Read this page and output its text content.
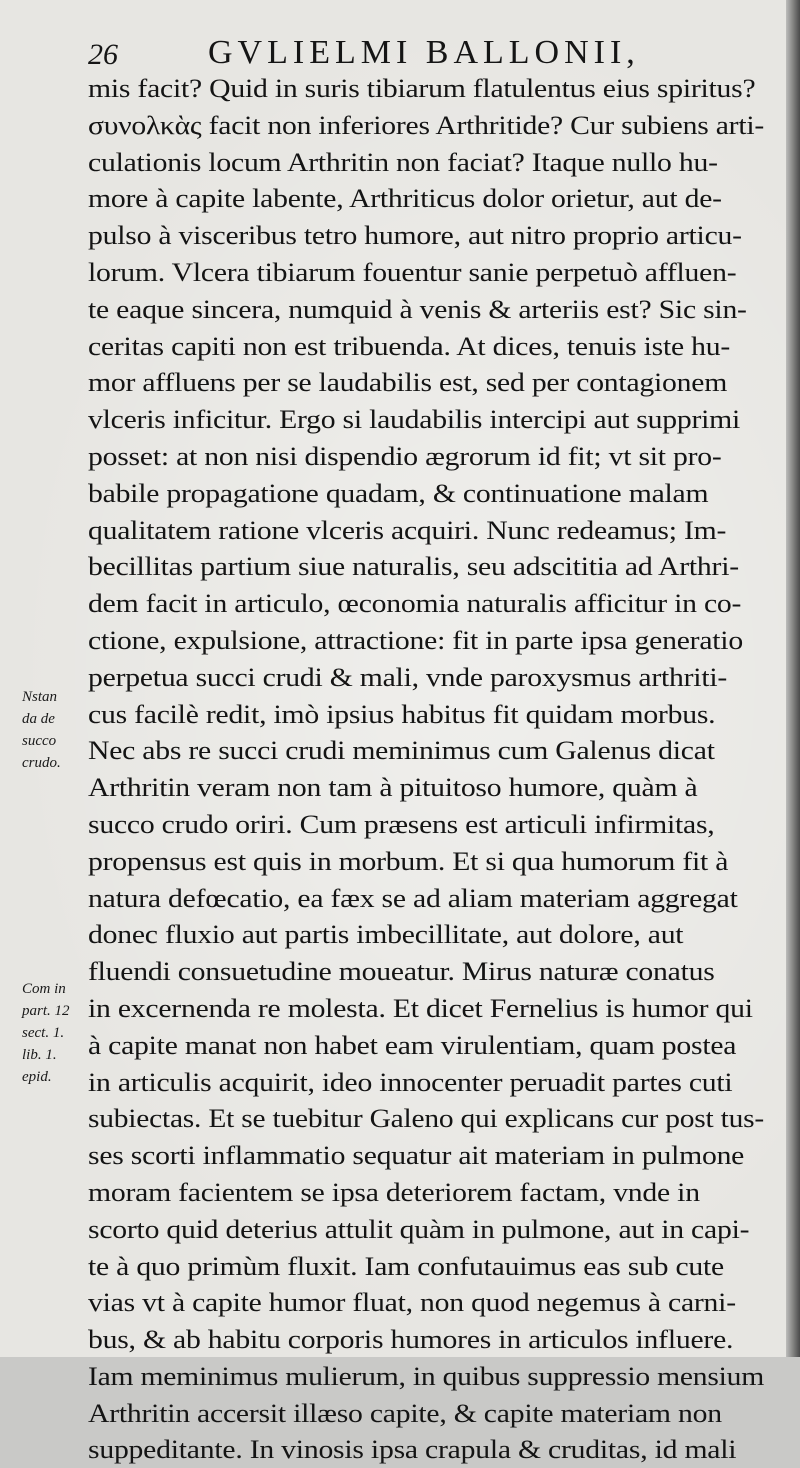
26	GVLIELMI BALLONII,
mis facit? Quid in suris tibiarum flatulentus eius spiritus?
συνολκὰς facit non inferiores Arthritide? Cur subiens arti-
culationis locum Arthritin non faciat? Itaque nullo hu-
more à capite labente, Arthriticus dolor orietur, aut de-
pulso à visceribus tetro humore, aut nitro proprio articu-
lorum. Vlcera tibiarum fouentur sanie perpetuò affluen-
te eaque sincera, numquid à venis & arteriis est? Sic sin-
ceritas capiti non est tribuenda. At dices, tenuis iste hu-
mor affluens per se laudabilis est, sed per contagionem
vlceris inficitur. Ergo si laudabilis intercipi aut supprimi
posset: at non nisi dispendio ægrorum id fit; vt sit pro-
babile propagatione quadam, & continuatione malam
qualitatem ratione vlceris acquiri. Nunc redeamus; Im-
becillitas partium siue naturalis, seu adscititia ad Arthri-
dem facit in articulo, œconomia naturalis afficitur in co-
ctione, expulsione, attractione: fit in parte ipsa generatio
perpetua succi crudi & mali, vnde paroxysmus arthriti-
cus facilè redit, imò ipsius habitus fit quidam morbus.
Nec abs re succi crudi meminimus cum Galenus dicat
Arthritin veram non tam à pituitoso humore, quàm à
succo crudo oriri. Cum præsens est articuli infirmitas,
propensus est quis in morbum. Et si qua humorum fit à
natura defœcatio, ea fæx se ad aliam materiam aggregat
donec fluxio aut partis imbecillitate, aut dolore, aut
fluendi consuetudine moueatur. Mirus naturæ conatus
in excernenda re molesta. Et dicet Fernelius is humor qui
à capite manat non habet eam virulentiam, quam postea
in articulis acquirit, ideo innocenter peruadit partes cuti
subiectas. Et se tuebitur Galeno qui explicans cur post tus-
ses scorti inflammatio sequatur ait materiam in pulmone
moram facientem se ipsa deteriorem factam, vnde in
scorto quid deterius attulit quàm in pulmone, aut in capi-
te à quo primùm fluxit. Iam confutauimus eas sub cute
vias vt à capite humor fluat, non quod negemus à carni-
bus, & ab habitu corporis humores in articulos influere.
Iam meminimus mulierum, in quibus suppressio mensium
Arthritin accersit illæso capite, & capite materiam non
suppeditante. In vinosis ipsa crapula & cruditas, id mali
Nstan
da de
succo
crudo.
Com in
part. 12
sect. 1.
lib. 1.
epid.
